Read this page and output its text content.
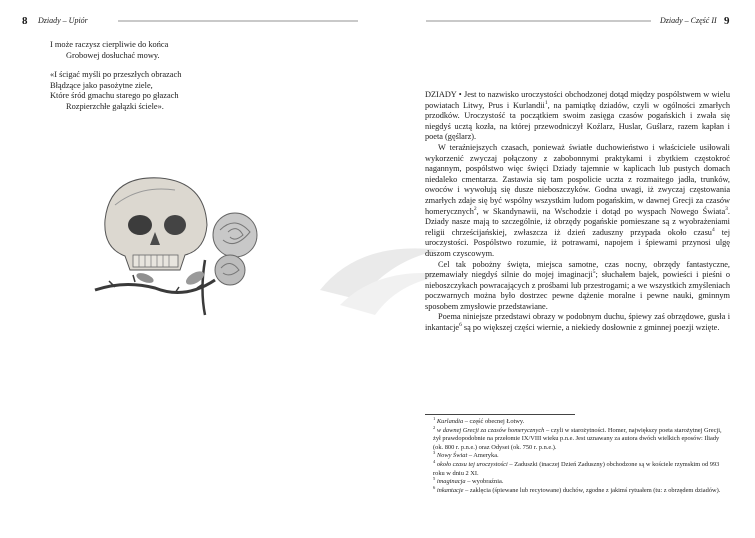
8 Dziady – Upiór
I może raczysz cierpliwie do końca
Grobowej dosłuchać mowy.
«I ścigać myśli po przeszłych obrazach
Błądzące jako pasożytne ziele,
Które śród gmachu starego po głazach
Rozpierzchłe gałązki ściele».
Dziady – Część II 9

DZIADY • Jest to nazwisko uroczystości obchodzonej dotąd między pospólstwem w wielu powiatach Litwy, Prus i Kurlandii$^1$, na pamiątkę dziadów, czyli w ogólności zmarłych przodków. Uroczystość ta początkiem swoim zasięga czasów pogańskich i zwała się niegdyś ucztą kozła, na której przewodniczył Koźlarz, Huslar, Guślarz, razem kapłan i poeta (gęślarz).

W teraźniejszych czasach, ponieważ światłe duchowieństwo i właściciele usiłowali wykorzenić zwyczaj połączony z zabobonnymi praktykami i zbytkiem częstokroć nagannym, pospólstwo więc święci Dziady tajemnie w kaplicach lub pustych domach niedaleko cmentarza. Zastawia się tam pospolicie uczta z rozmaitego jadła, trunków, owoców i wywołują się dusze nieboszczyków. Godna uwagi, iż zwyczaj częstowania zmarłych zdaje się być wspólny wszystkim ludom pogańskim, w dawnej Grecji za czasów homerycznych$^2$, w Skandynawii, na Wschodzie i dotąd po wyspach Nowego Świata$^3$. Dziady nasze mają to szczególnie, iż obrzędy pogańskie pomieszane są z wyobrażeniami religii chrześcijańskiej, zwłaszcza iż dzień zaduszny przypada około czasu$^4$ tej uroczystości. Pospólstwo rozumie, iż potrawami, napojem i śpiewami przynosi ulgę duszom czyscowym.

Cel tak pobożny święta, miejsca samotne, czas nocny, obrzędy fantastyczne, przemawiały niegdyś silnie do mojej imaginacji$^5$; słuchałem bajek, powieści i pieśni o nieboszczykach powracających z prośbami lub przestrogami; a we wszystkich zmyśleniach poczwarnych można było dostrzec pewne dążenie moralne i pewne nauki, gminnym sposobem zmysłowie przedstawiane.

Poema niniejsze przedstawi obrazy w podobnym duchu, śpiewy zaś obrzędowe, gusła i inkantacje$^6$ są po większej części wiernie, a niekiedy dosłownie z gminnej poezji wzięte.

$^1$ Kurlandia – część obecnej Łotwy.

$^2$ w dawnej Grecji za czasów homerycznych – czyli w starożytności. Homer, największy poeta starożytnej Grecji, żył prawdopodobnie na przełomie IX/VIII wieku p.n.e. Jest uznawany za autora dwóch wielkich eposów: Iliady (ok. 800 r. p.n.e.) oraz Odysei (ok. 750 r. p.n.e.).

$^3$ Nowy Świat – Ameryka.

$^4$ około czasu tej uroczystości – Zaduszki (inaczej Dzień Zaduszny) obchodzone są w kościele rzymskim od 993 roku w dniu 2 XI.

$^5$ imaginacja – wyobraźnia.

$^6$ inkantacje – zaklęcia (śpiewane lub recytowane) duchów, zgodne z jakimś rytuałem (tu: z obrzędem dziadów).
